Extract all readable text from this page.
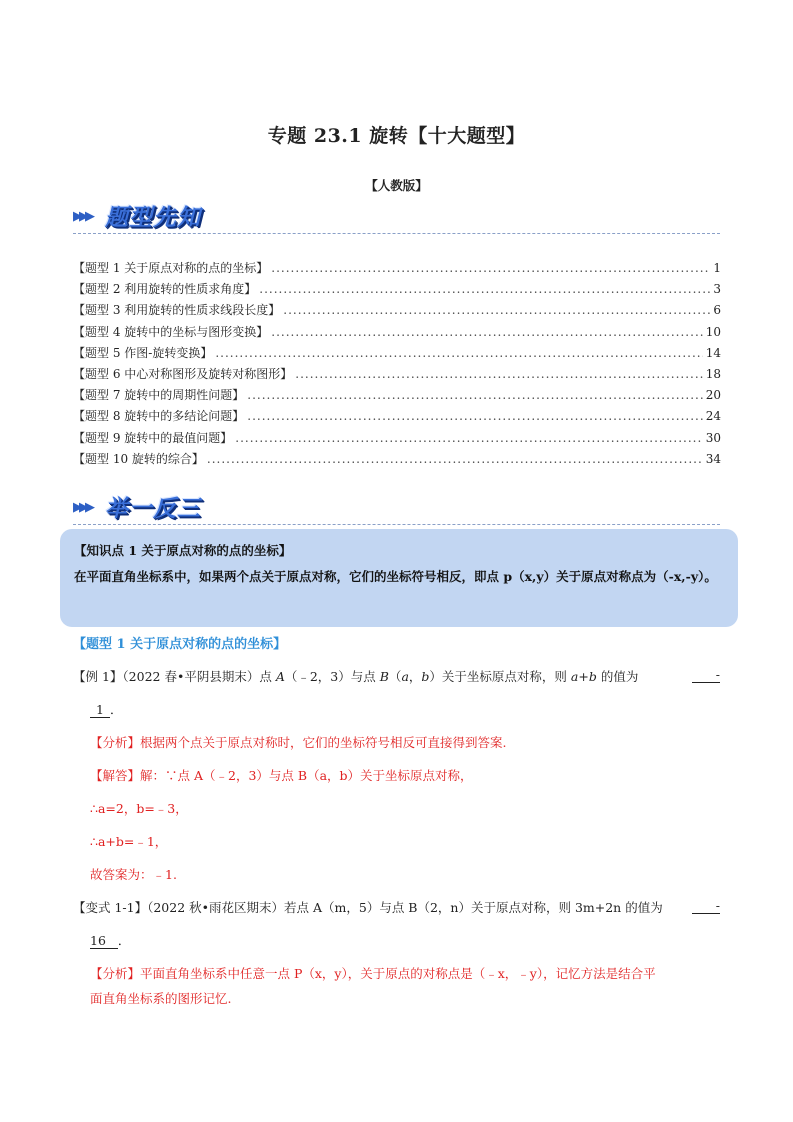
专题 23.1 旋转【十大题型】
【人教版】
▶▶▶ 题型先知
【题型 1 关于原点对称的点的坐标】 .....	1
【题型 2 利用旋转的性质求角度】 .....	3
【题型 3 利用旋转的性质求线段长度】 .....	6
【题型 4 旋转中的坐标与图形变换】 .....	10
【题型 5 作图-旋转变换】 .....	14
【题型 6 中心对称图形及旋转对称图形】 .....	18
【题型 7 旋转中的周期性问题】 .....	20
【题型 8 旋转中的多结论问题】 .....	24
【题型 9 旋转中的最值问题】 .....	30
【题型 10 旋转的综合】 .....	34
▶▶▶ 举一反三
【知识点 1 关于原点对称的点的坐标】
在平面直角坐标系中，如果两个点关于原点对称，它们的坐标符号相反，即点 p（x,y）关于原点对称点为（-x,-y）。
【题型 1 关于原点对称的点的坐标】
【例 1】（2022 春•平阴县期末）点 A（﹣2，3）与点 B（a，b）关于坐标原点对称，则 a+b 的值为	-
1 ．
【分析】根据两个点关于原点对称时，它们的坐标符号相反可直接得到答案.
【解答】解：∵点 A（﹣2，3）与点 B（a，b）关于坐标原点对称，
∴a=2，b=﹣3，
∴a+b=﹣1，
故答案为：﹣1.
【变式 1-1】（2022 秋•雨花区期末）若点 A（m，5）与点 B（2，n）关于原点对称，则 3m+2n 的值为	-
16 ．
【分析】平面直角坐标系中任意一点 P（x，y），关于原点的对称点是（﹣x，﹣y），记忆方法是结合平
面直角坐标系的图形记忆.
